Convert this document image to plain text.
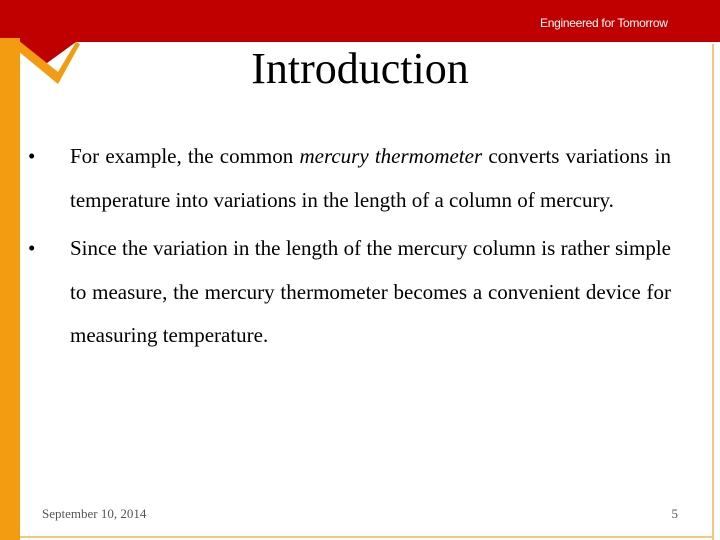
Engineered for Tomorrow
Introduction
• For example, the common mercury thermometer converts variations in temperature into variations in the length of a column of mercury.
• Since the variation in the length of the mercury column is rather simple to measure, the mercury thermometer becomes a convenient device for measuring temperature.
September 10, 2014	5
